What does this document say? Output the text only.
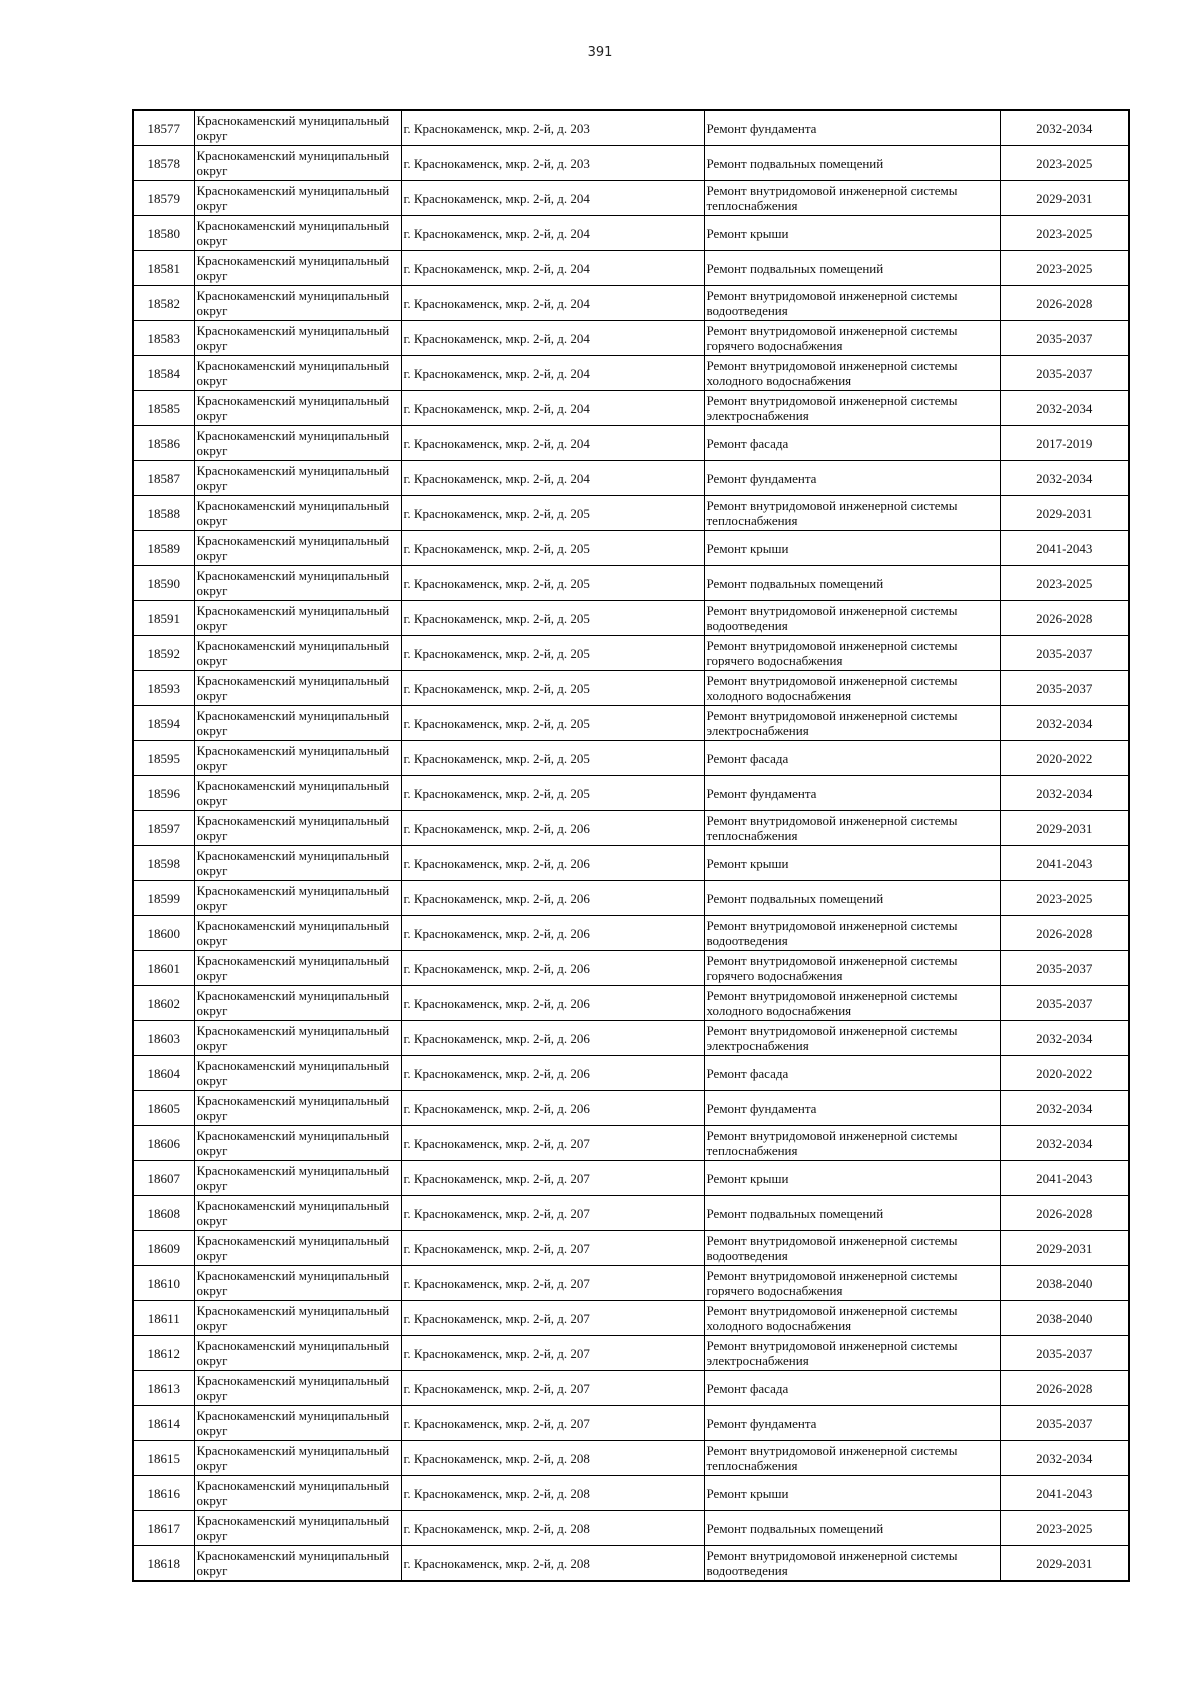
391
18577	Краснокаменский муниципальный округ	г. Краснокаменск, мкр. 2-й, д. 203	Ремонт фундамента	2032-2034
18578	Краснокаменский муниципальный округ	г. Краснокаменск, мкр. 2-й, д. 203	Ремонт подвальных помещений	2023-2025
18579	Краснокаменский муниципальный округ	г. Краснокаменск, мкр. 2-й, д. 204	Ремонт внутридомовой инженерной системы теплоснабжения	2029-2031
18580	Краснокаменский муниципальный округ	г. Краснокаменск, мкр. 2-й, д. 204	Ремонт крыши	2023-2025
18581	Краснокаменский муниципальный округ	г. Краснокаменск, мкр. 2-й, д. 204	Ремонт подвальных помещений	2023-2025
18582	Краснокаменский муниципальный округ	г. Краснокаменск, мкр. 2-й, д. 204	Ремонт внутридомовой инженерной системы водоотведения	2026-2028
18583	Краснокаменский муниципальный округ	г. Краснокаменск, мкр. 2-й, д. 204	Ремонт внутридомовой инженерной системы горячего водоснабжения	2035-2037
18584	Краснокаменский муниципальный округ	г. Краснокаменск, мкр. 2-й, д. 204	Ремонт внутридомовой инженерной системы холодного водоснабжения	2035-2037
18585	Краснокаменский муниципальный округ	г. Краснокаменск, мкр. 2-й, д. 204	Ремонт внутридомовой инженерной системы электроснабжения	2032-2034
18586	Краснокаменский муниципальный округ	г. Краснокаменск, мкр. 2-й, д. 204	Ремонт фасада	2017-2019
18587	Краснокаменский муниципальный округ	г. Краснокаменск, мкр. 2-й, д. 204	Ремонт фундамента	2032-2034
18588	Краснокаменский муниципальный округ	г. Краснокаменск, мкр. 2-й, д. 205	Ремонт внутридомовой инженерной системы теплоснабжения	2029-2031
18589	Краснокаменский муниципальный округ	г. Краснокаменск, мкр. 2-й, д. 205	Ремонт крыши	2041-2043
18590	Краснокаменский муниципальный округ	г. Краснокаменск, мкр. 2-й, д. 205	Ремонт подвальных помещений	2023-2025
18591	Краснокаменский муниципальный округ	г. Краснокаменск, мкр. 2-й, д. 205	Ремонт внутридомовой инженерной системы водоотведения	2026-2028
18592	Краснокаменский муниципальный округ	г. Краснокаменск, мкр. 2-й, д. 205	Ремонт внутридомовой инженерной системы горячего водоснабжения	2035-2037
18593	Краснокаменский муниципальный округ	г. Краснокаменск, мкр. 2-й, д. 205	Ремонт внутридомовой инженерной системы холодного водоснабжения	2035-2037
18594	Краснокаменский муниципальный округ	г. Краснокаменск, мкр. 2-й, д. 205	Ремонт внутридомовой инженерной системы электроснабжения	2032-2034
18595	Краснокаменский муниципальный округ	г. Краснокаменск, мкр. 2-й, д. 205	Ремонт фасада	2020-2022
18596	Краснокаменский муниципальный округ	г. Краснокаменск, мкр. 2-й, д. 205	Ремонт фундамента	2032-2034
18597	Краснокаменский муниципальный округ	г. Краснокаменск, мкр. 2-й, д. 206	Ремонт внутридомовой инженерной системы теплоснабжения	2029-2031
18598	Краснокаменский муниципальный округ	г. Краснокаменск, мкр. 2-й, д. 206	Ремонт крыши	2041-2043
18599	Краснокаменский муниципальный округ	г. Краснокаменск, мкр. 2-й, д. 206	Ремонт подвальных помещений	2023-2025
18600	Краснокаменский муниципальный округ	г. Краснокаменск, мкр. 2-й, д. 206	Ремонт внутридомовой инженерной системы водоотведения	2026-2028
18601	Краснокаменский муниципальный округ	г. Краснокаменск, мкр. 2-й, д. 206	Ремонт внутридомовой инженерной системы горячего водоснабжения	2035-2037
18602	Краснокаменский муниципальный округ	г. Краснокаменск, мкр. 2-й, д. 206	Ремонт внутридомовой инженерной системы холодного водоснабжения	2035-2037
18603	Краснокаменский муниципальный округ	г. Краснокаменск, мкр. 2-й, д. 206	Ремонт внутридомовой инженерной системы электроснабжения	2032-2034
18604	Краснокаменский муниципальный округ	г. Краснокаменск, мкр. 2-й, д. 206	Ремонт фасада	2020-2022
18605	Краснокаменский муниципальный округ	г. Краснокаменск, мкр. 2-й, д. 206	Ремонт фундамента	2032-2034
18606	Краснокаменский муниципальный округ	г. Краснокаменск, мкр. 2-й, д. 207	Ремонт внутридомовой инженерной системы теплоснабжения	2032-2034
18607	Краснокаменский муниципальный округ	г. Краснокаменск, мкр. 2-й, д. 207	Ремонт крыши	2041-2043
18608	Краснокаменский муниципальный округ	г. Краснокаменск, мкр. 2-й, д. 207	Ремонт подвальных помещений	2026-2028
18609	Краснокаменский муниципальный округ	г. Краснокаменск, мкр. 2-й, д. 207	Ремонт внутридомовой инженерной системы водоотведения	2029-2031
18610	Краснокаменский муниципальный округ	г. Краснокаменск, мкр. 2-й, д. 207	Ремонт внутридомовой инженерной системы горячего водоснабжения	2038-2040
18611	Краснокаменский муниципальный округ	г. Краснокаменск, мкр. 2-й, д. 207	Ремонт внутридомовой инженерной системы холодного водоснабжения	2038-2040
18612	Краснокаменский муниципальный округ	г. Краснокаменск, мкр. 2-й, д. 207	Ремонт внутридомовой инженерной системы электроснабжения	2035-2037
18613	Краснокаменский муниципальный округ	г. Краснокаменск, мкр. 2-й, д. 207	Ремонт фасада	2026-2028
18614	Краснокаменский муниципальный округ	г. Краснокаменск, мкр. 2-й, д. 207	Ремонт фундамента	2035-2037
18615	Краснокаменский муниципальный округ	г. Краснокаменск, мкр. 2-й, д. 208	Ремонт внутридомовой инженерной системы теплоснабжения	2032-2034
18616	Краснокаменский муниципальный округ	г. Краснокаменск, мкр. 2-й, д. 208	Ремонт крыши	2041-2043
18617	Краснокаменский муниципальный округ	г. Краснокаменск, мкр. 2-й, д. 208	Ремонт подвальных помещений	2023-2025
18618	Краснокаменский муниципальный округ	г. Краснокаменск, мкр. 2-й, д. 208	Ремонт внутридомовой инженерной системы водоотведения	2029-2031
